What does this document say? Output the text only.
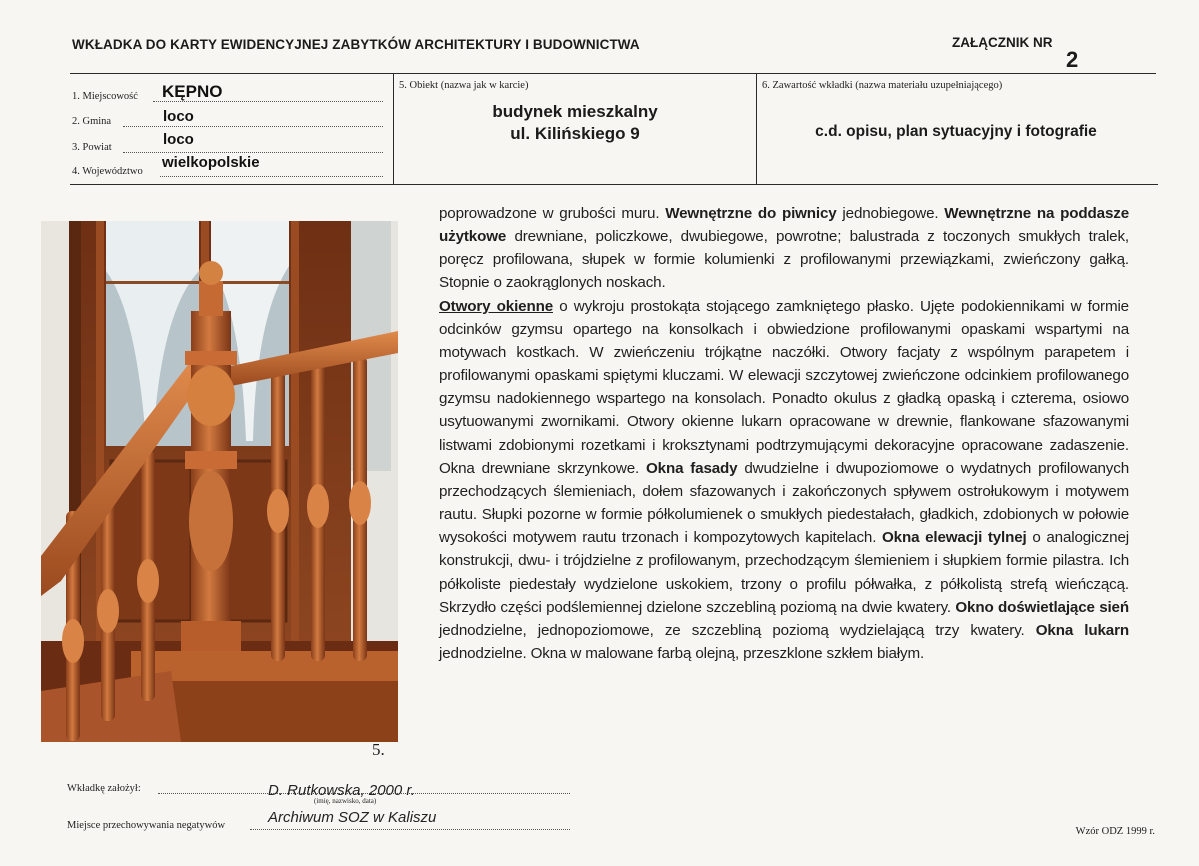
WKŁADKA DO KARTY EWIDENCYJNEJ ZABYTKÓW ARCHITEKTURY I BUDOWNICTWA	ZAŁĄCZNIK NR
2
1. Miejscowość KĘPNO
2. Gmina	loco
3. Powiat	loco
4. Województwo
wielkopolskie
5. Obiekt (nazwa jak w karcie)
budynek mieszkalny
ul. Kilińskiego 9
6. Zawartość wkładki (nazwa materiału uzupełniającego)
c.d. opisu, plan sytuacyjny i fotografie
5.

poprowadzone w grubości muru. Wewnętrzne do piwnicy jednobiegowe. Wewnętrzne na poddasze użytkowe drewniane, policzkowe, dwubiegowe, powrotne; balustrada z toczonych smukłych tralek, poręcz profilowana, słupek w formie kolumienki z profilowanymi przewiązkami, zwieńczony gałką. Stopnie o zaokrąglonych noskach.

Otwory okienne o wykroju prostokąta stojącego zamkniętego płasko. Ujęte podokiennikami w formie odcinków gzymsu opartego na konsolkach i obwiedzione profilowanymi opaskami wspartymi na motywach kostkach. W zwieńczeniu trójkątne naczółki. Otwory facjaty z wspólnym parapetem i profilowanymi opaskami spiętymi kluczami. W elewacji szczytowej zwieńczone odcinkiem profilowanego gzymsu nadokiennego wspartego na konsolach. Ponadto okulus z gładką opaską i czterema, osiowo usytuowanymi zwornikami. Otwory okienne lukarn opracowane w drewnie, flankowane sfazowanymi listwami zdobionymi rozetkami i kroksztynami podtrzymującymi dekoracyjne opracowane zadaszenie. Okna drewniane skrzynkowe. Okna fasady dwudzielne i dwupoziomowe o wydatnych profilowanych przechodzących ślemieniach, dołem sfazowanych i zakończonych spływem ostrołukowym i motywem rautu. Słupki pozorne w formie półkolumienek o smukłych piedestałach, gładkich, zdobionych w połowie wysokości motywem rautu trzonach i kompozytowych kapitelach. Okna elewacji tylnej o analogicznej konstrukcji, dwu- i trójdzielne z profilowanym, przechodzącym ślemieniem i słupkiem formie pilastra. Ich półkoliste piedestały wydzielone uskokiem, trzony o profilu półwałka, z półkolistą strefą wieńczącą. Skrzydło części podślemiennej dzielone szczebliną poziomą na dwie kwatery. Okno doświetlające sień jednodzielne, jednopoziomowe, ze szczebliną poziomą wydzielającą trzy kwatery. Okna lukarn jednodzielne. Okna w malowane farbą olejną, przeszklone szkłem białym.

Wkładkę założył:	D. Rutkowska, 2000 r.
(imię, nazwisko, data)
Miejsce przechowywania negatywów	Archiwum SOZ w Kaliszu
Wzór ODZ 1999 r.
